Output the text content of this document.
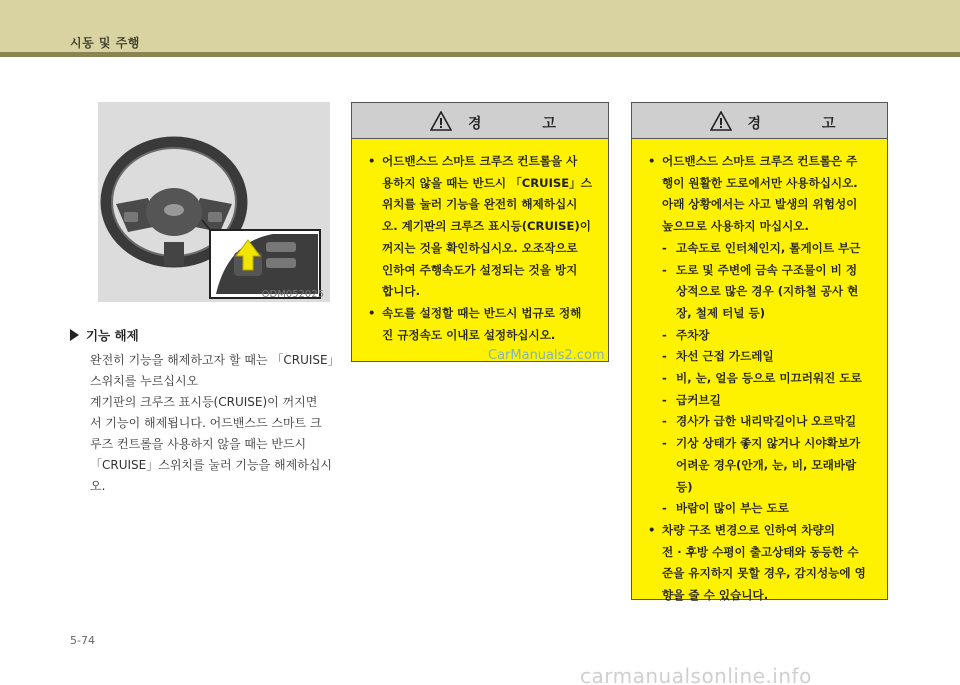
시동 및 주행
ODM052025
기능 해제

완전히 기능을 해제하고자 할 때는 「CRUISE」

스위치를 누르십시오

계기판의 크루즈 표시등(CRUISE)이 꺼지면

서 기능이 해제됩니다. 어드밴스드 스마트 크

루즈 컨트롤을 사용하지 않을 때는 반드시

「CRUISE」스위치를 눌러 기능을 해제하십시오.

경 고
• 어드밴스드 스마트 크루즈 컨트롤을 사
용하지 않을 때는 반드시 「CRUISE」스
위치를 눌러 기능을 완전히 해제하십시
오. 계기판의 크루즈 표시등(CRUISE)이
꺼지는 것을 확인하십시오. 오조작으로
인하여 주행속도가 설정되는 것을 방지
합니다.
• 속도를 설정할 때는 반드시 법규로 정해
진 규정속도 이내로 설정하십시오.
경 고
• 어드밴스드 스마트 크루즈 컨트롤은 주
행이 원활한 도로에서만 사용하십시오.
아래 상황에서는 사고 발생의 위험성이
높으므로 사용하지 마십시오.
- 고속도로 인터체인지, 톨게이트 부근
- 도로 및 주변에 금속 구조물이 비 정
상적으로 많은 경우 (지하철 공사 현
장, 철제 터널 등)
- 주차장
- 차선 근접 가드레일
- 비, 눈, 얼음 등으로 미끄러워진 도로
- 급커브길
- 경사가 급한 내리막길이나 오르막길
- 기상 상태가 좋지 않거나 시야확보가
어려운 경우(안개, 눈, 비, 모래바람 등)
- 바람이 많이 부는 도로
• 차량 구조 변경으로 인하여 차량의
전 · 후방 수평이 출고상태와 동등한 수
준을 유지하지 못할 경우, 감지성능에 영
향을 줄 수 있습니다.
CarManuals2.com
5-74
carmanualsonline.info
